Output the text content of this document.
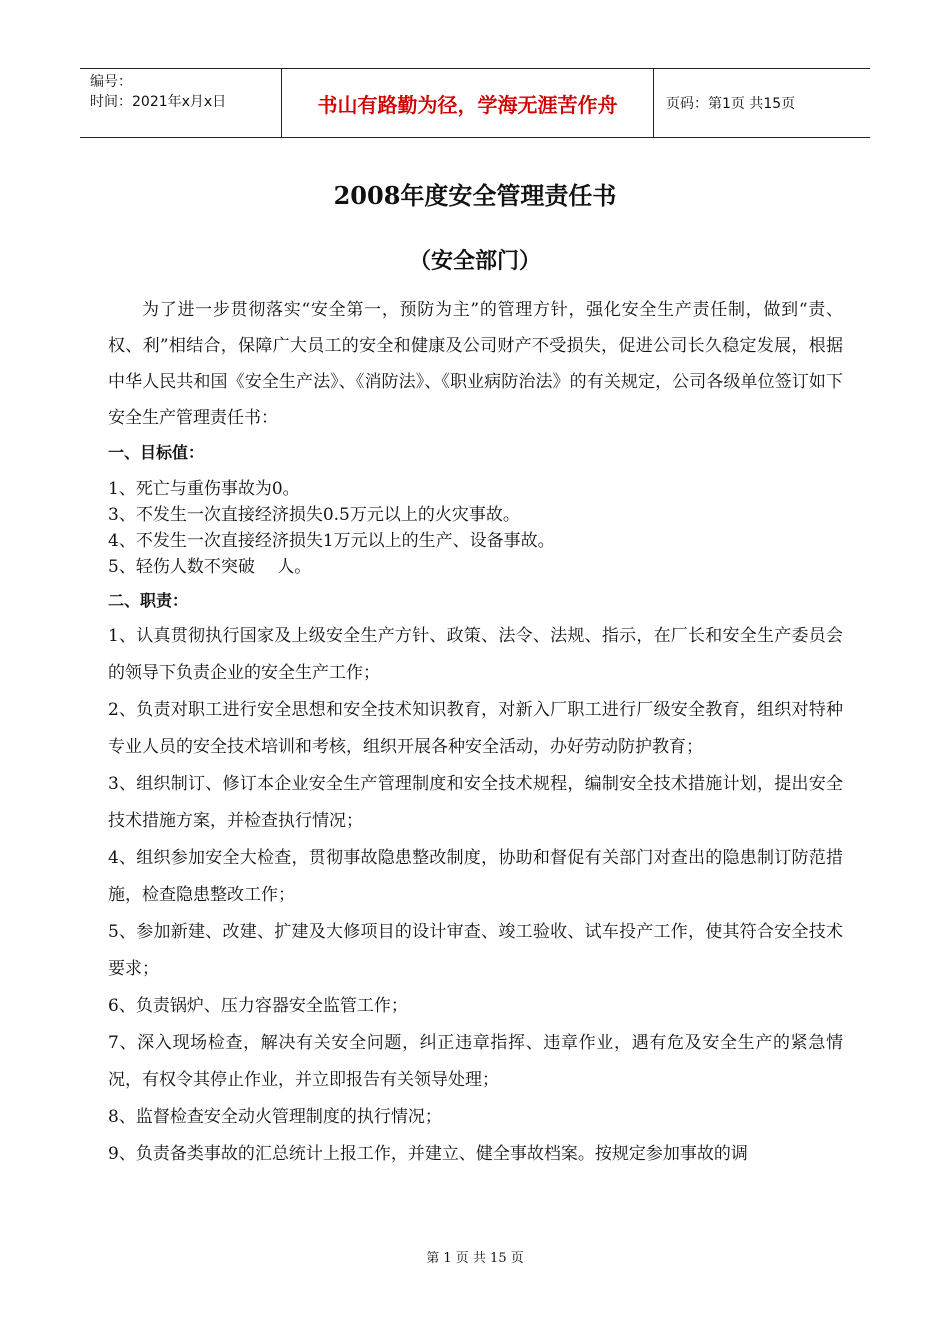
编号：
时间：2021年x月x日	书山有路勤为径，学海无涯苦作舟	页码：第1页 共15页
2008年度安全管理责任书
（安全部门）

为了进一步贯彻落实“安全第一，预防为主”的管理方针，强化安全生产责任制，做到“责、权、利”相结合，保障广大员工的安全和健康及公司财产不受损失，促进公司长久稳定发展，根据中华人民共和国《安全生产法》、《消防法》、《职业病防治法》的有关规定，公司各级单位签订如下安全生产管理责任书：

一、目标值：

1、死亡与重伤事故为0。

3、不发生一次直接经济损失0.5万元以上的火灾事故。

4、不发生一次直接经济损失1万元以上的生产、设备事故。

5、轻伤人数不突破　 人。

二、职责：

1、认真贯彻执行国家及上级安全生产方针、政策、法令、法规、指示，在厂长和安全生产委员会的领导下负责企业的安全生产工作；

2、负责对职工进行安全思想和安全技术知识教育，对新入厂职工进行厂级安全教育，组织对特种专业人员的安全技术培训和考核，组织开展各种安全活动，办好劳动防护教育；

3、组织制订、修订本企业安全生产管理制度和安全技术规程，编制安全技术措施计划，提出安全技术措施方案，并检查执行情况；

4、组织参加安全大检查，贯彻事故隐患整改制度，协助和督促有关部门对查出的隐患制订防范措施，检查隐患整改工作；

5、参加新建、改建、扩建及大修项目的设计审查、竣工验收、试车投产工作，使其符合安全技术要求；

6、负责锅炉、压力容器安全监管工作；

7、深入现场检查，解决有关安全问题，纠正违章指挥、违章作业，遇有危及安全生产的紧急情况，有权令其停止作业，并立即报告有关领导处理；

8、监督检查安全动火管理制度的执行情况；

9、负责备类事故的汇总统计上报工作，并建立、健全事故档案。按规定参加事故的调

第 1 页 共 15 页
